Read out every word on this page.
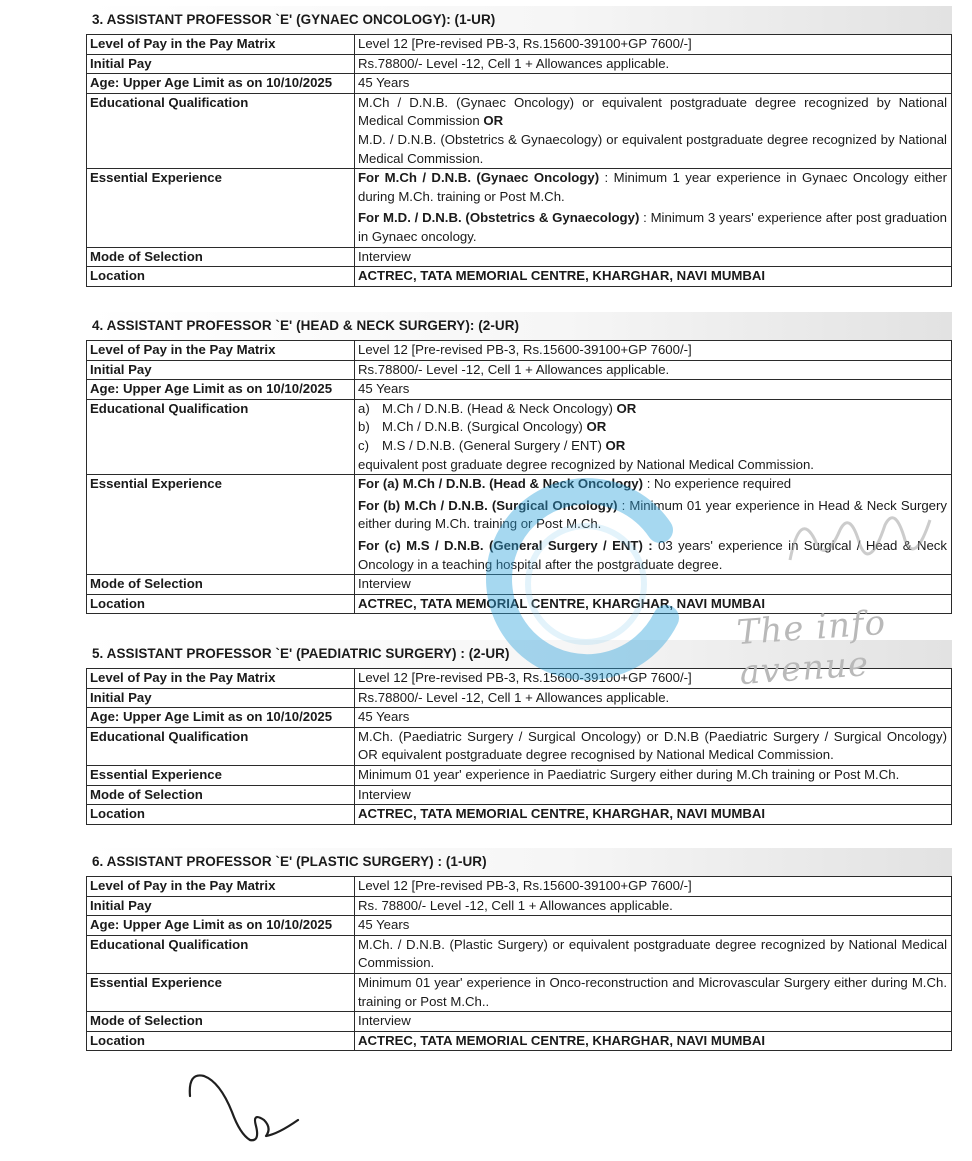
3. ASSISTANT PROFESSOR `E' (GYNAEC ONCOLOGY): (1-UR)
Level of Pay in the Pay Matrix	Level 12 [Pre-revised PB-3, Rs.15600-39100+GP 7600/-]
Initial Pay	Rs.78800/- Level -12, Cell 1 + Allowances applicable.
Age: Upper Age Limit as on 10/10/2025	45 Years
Educational Qualification	M.Ch / D.N.B. (Gynaec Oncology) or equivalent postgraduate degree recognized by National Medical Commission OR
M.D. / D.N.B. (Obstetrics & Gynaecology) or equivalent postgraduate degree recognized by National Medical Commission.

Essential Experience	For M.Ch / D.N.B. (Gynaec Oncology) : Minimum 1 year experience in Gynaec Oncology either during M.Ch. training or Post M.Ch.
For M.D. / D.N.B. (Obstetrics & Gynaecology) : Minimum 3 years' experience after post graduation in Gynaec oncology.

Mode of Selection	Interview
Location	ACTREC, TATA MEMORIAL CENTRE, KHARGHAR, NAVI MUMBAI
4. ASSISTANT PROFESSOR `E' (HEAD & NECK SURGERY): (2-UR)
Level of Pay in the Pay Matrix	Level 12 [Pre-revised PB-3, Rs.15600-39100+GP 7600/-]
Initial Pay	Rs.78800/- Level -12, Cell 1 + Allowances applicable.
Age: Upper Age Limit as on 10/10/2025	45 Years
Educational Qualification	a) M.Ch / D.N.B. (Head & Neck Oncology) OR
b) M.Ch / D.N.B. (Surgical Oncology) OR
c) M.S / D.N.B. (General Surgery / ENT) OR
equivalent post graduate degree recognized by National Medical Commission.

Essential Experience	For (a) M.Ch / D.N.B. (Head & Neck Oncology) : No experience required
For (b) M.Ch / D.N.B. (Surgical Oncology) : Minimum 01 year experience in Head & Neck Surgery either during M.Ch. training or Post M.Ch.
For (c) M.S / D.N.B. (General Surgery / ENT) : 03 years' experience in Surgical / Head & Neck Oncology in a teaching hospital after the postgraduate degree.

Mode of Selection	Interview
Location	ACTREC, TATA MEMORIAL CENTRE, KHARGHAR, NAVI MUMBAI
5. ASSISTANT PROFESSOR `E' (PAEDIATRIC SURGERY) : (2-UR)
Level of Pay in the Pay Matrix	Level 12 [Pre-revised PB-3, Rs.15600-39100+GP 7600/-]
Initial Pay	Rs.78800/- Level -12, Cell 1 + Allowances applicable.
Age: Upper Age Limit as on 10/10/2025	45 Years
Educational Qualification	M.Ch. (Paediatric Surgery / Surgical Oncology) or D.N.B (Paediatric Surgery / Surgical Oncology) OR equivalent postgraduate degree recognised by National Medical Commission.
Essential Experience	Minimum 01 year' experience in Paediatric Surgery either during M.Ch training or Post M.Ch.
Mode of Selection	Interview
Location	ACTREC, TATA MEMORIAL CENTRE, KHARGHAR, NAVI MUMBAI
6. ASSISTANT PROFESSOR `E' (PLASTIC SURGERY) : (1-UR)
Level of Pay in the Pay Matrix	Level 12 [Pre-revised PB-3, Rs.15600-39100+GP 7600/-]
Initial Pay	Rs. 78800/- Level -12, Cell 1 + Allowances applicable.
Age: Upper Age Limit as on 10/10/2025	45 Years
Educational Qualification	M.Ch. / D.N.B. (Plastic Surgery) or equivalent postgraduate degree recognized by National Medical Commission.
Essential Experience	Minimum 01 year' experience in Onco-reconstruction and Microvascular Surgery either during M.Ch. training or Post M.Ch..
Mode of Selection	Interview
Location	ACTREC, TATA MEMORIAL CENTRE, KHARGHAR, NAVI MUMBAI
The info avenue
